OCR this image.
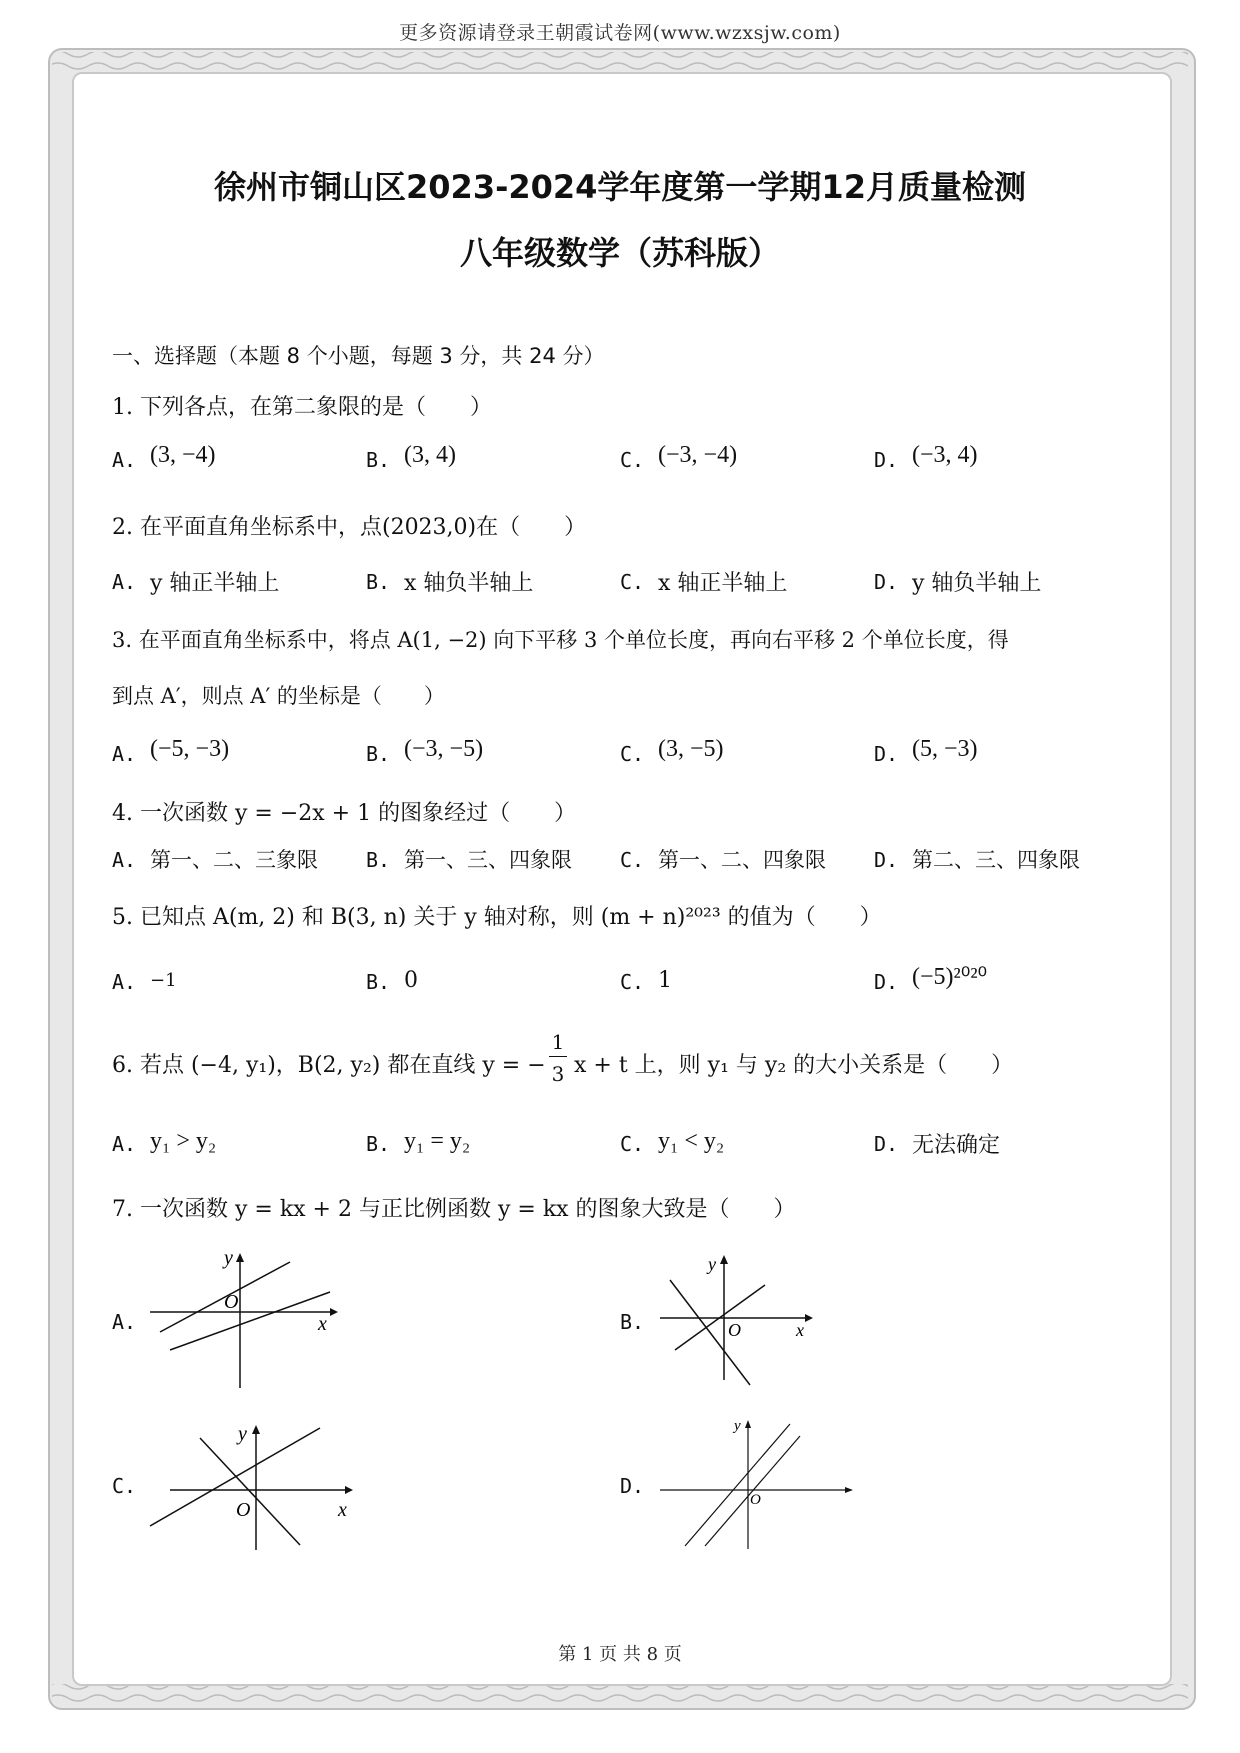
更多资源请登录王朝霞试卷网(www.wzxsjw.com)
徐州市铜山区2023-2024学年度第一学期12月质量检测
八年级数学（苏科版）
一、选择题（本题 8 个小题，每题 3 分，共 24 分）
1. 下列各点，在第二象限的是（　　）
A. (3, −4)	B. (3, 4)	C. (−3, −4)	D. (−3, 4)
2. 在平面直角坐标系中，点(2023,0)在（　　）
A. y 轴正半轴上	B. x 轴负半轴上	C. x 轴正半轴上	D. y 轴负半轴上
3. 在平面直角坐标系中，将点 A(1, −2) 向下平移 3 个单位长度，再向右平移 2 个单位长度，得
到点 A′，则点 A′ 的坐标是（　　）
A. (−5, −3)	B. (−3, −5)	C. (3, −5)	D. (5, −3)
4. 一次函数 y = −2x + 1 的图象经过（　　）
A. 第一、二、三象限 B. 第一、三、四象限 C. 第一、二、四象限 D. 第二、三、四象限
5. 已知点 A(m, 2) 和 B(3, n) 关于 y 轴对称，则 (m + n)²⁰²³ 的值为（　　）
A. −1	B. 0	C. 1	D. (−5)²⁰²⁰
6. 若点 (−4, y₁)，B(2, y₂) 都在直线 y = −
1
3 x + t 上，则 y₁ 与 y₂ 的大小关系是（　　）
A. y₁ > y₂	B. y₁ = y₂	C. y₁ < y₂	D. 无法确定
7. 一次函数 y = kx + 2 与正比例函数 y = kx 的图象大致是（　　）
A.
y
x
O
B.
y
x
O
C.
y
x
O
D.
y
O
第 1 页 共 8 页
